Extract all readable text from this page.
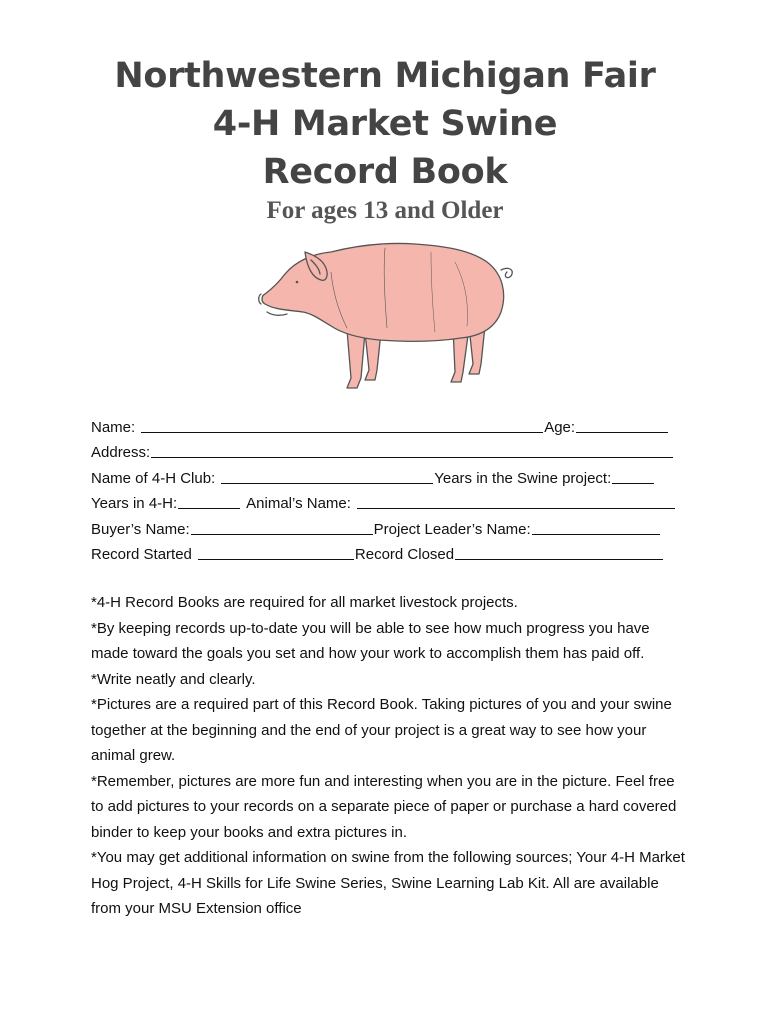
Northwestern Michigan Fair
4-H Market Swine
Record Book
For ages 13 and Older
Name:	Age:
Address:
Name of 4-H Club:	Years in the Swine project:
Years in 4-H:	Animal’s Name:
Buyer’s Name:	Project Leader’s Name:
Record Started	Record Closed

*4-H Record Books are required for all market livestock projects.

*By keeping records up-to-date you will be able to see how much progress you have made toward the goals you set and how your work to accomplish them has paid off.

*Write neatly and clearly.

*Pictures are a required part of this Record Book. Taking pictures of you and your swine together at the beginning and the end of your project is a great way to see how your animal grew.

*Remember, pictures are more fun and interesting when you are in the picture. Feel free to add pictures to your records on a separate piece of paper or purchase a hard covered binder to keep your books and extra pictures in.

*You may get additional information on swine from the following sources; Your 4-H Market Hog Project, 4-H Skills for Life Swine Series, Swine Learning Lab Kit. All are available from your MSU Extension office
